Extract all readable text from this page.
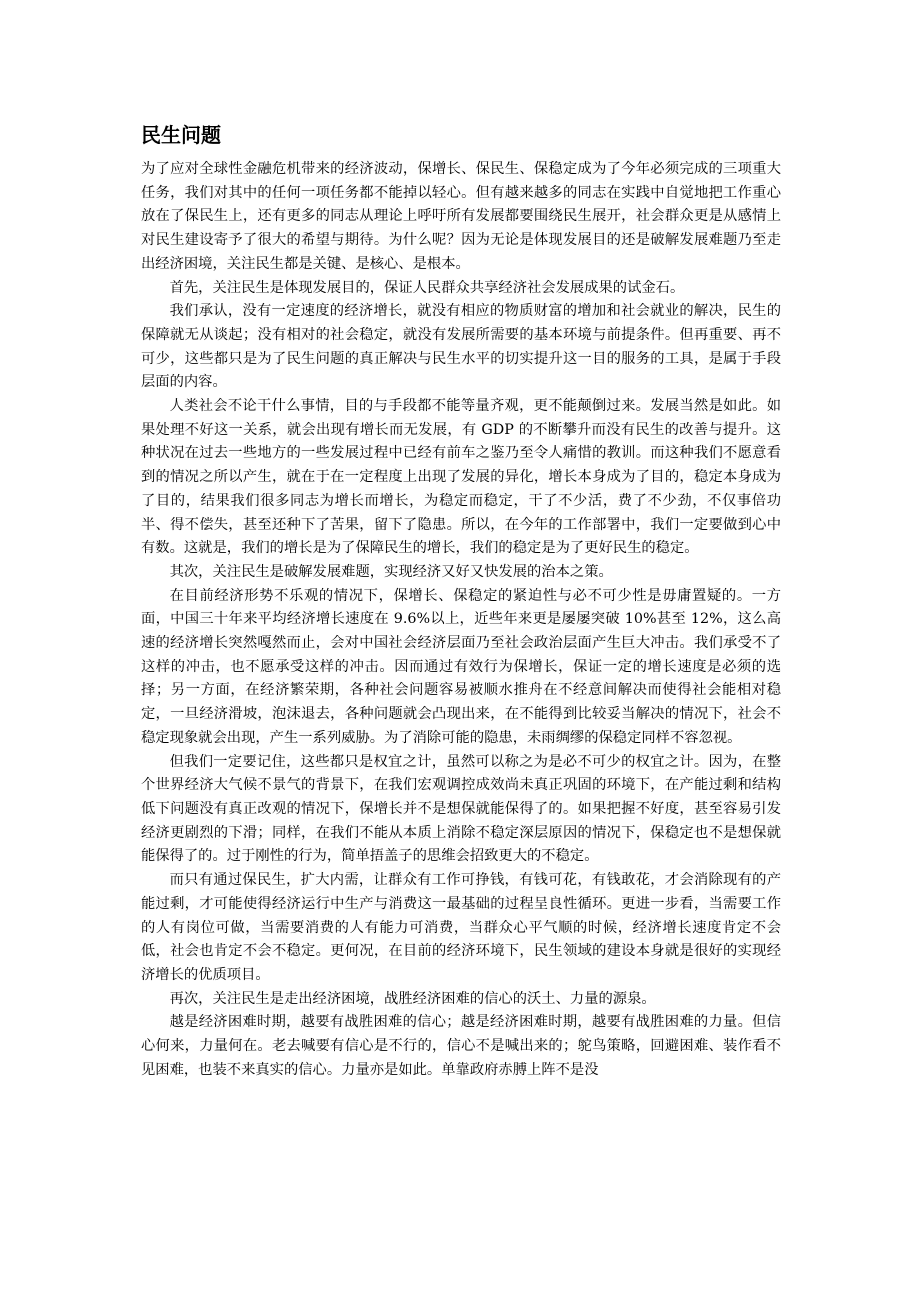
民生问题

为了应对全球性金融危机带来的经济波动，保增长、保民生、保稳定成为了今年必须完成的三项重大任务，我们对其中的任何一项任务都不能掉以轻心。但有越来越多的同志在实践中自觉地把工作重心放在了保民生上，还有更多的同志从理论上呼吁所有发展都要围绕民生展开，社会群众更是从感情上对民生建设寄予了很大的希望与期待。为什么呢？因为无论是体现发展目的还是破解发展难题乃至走出经济困境，关注民生都是关键、是核心、是根本。

首先，关注民生是体现发展目的，保证人民群众共享经济社会发展成果的试金石。

我们承认，没有一定速度的经济增长，就没有相应的物质财富的增加和社会就业的解决，民生的保障就无从谈起；没有相对的社会稳定，就没有发展所需要的基本环境与前提条件。但再重要、再不可少，这些都只是为了民生问题的真正解决与民生水平的切实提升这一目的服务的工具，是属于手段层面的内容。

人类社会不论干什么事情，目的与手段都不能等量齐观，更不能颠倒过来。发展当然是如此。如果处理不好这一关系，就会出现有增长而无发展，有 GDP 的不断攀升而没有民生的改善与提升。这种状况在过去一些地方的一些发展过程中已经有前车之鉴乃至令人痛惜的教训。而这种我们不愿意看到的情况之所以产生，就在于在一定程度上出现了发展的异化，增长本身成为了目的，稳定本身成为了目的，结果我们很多同志为增长而增长，为稳定而稳定，干了不少活，费了不少劲，不仅事倍功半、得不偿失，甚至还种下了苦果，留下了隐患。所以，在今年的工作部署中，我们一定要做到心中有数。这就是，我们的增长是为了保障民生的增长，我们的稳定是为了更好民生的稳定。

其次，关注民生是破解发展难题，实现经济又好又快发展的治本之策。

在目前经济形势不乐观的情况下，保增长、保稳定的紧迫性与必不可少性是毋庸置疑的。一方面，中国三十年来平均经济增长速度在 9.6%以上，近些年来更是屡屡突破 10%甚至 12%，这么高速的经济增长突然嘎然而止，会对中国社会经济层面乃至社会政治层面产生巨大冲击。我们承受不了这样的冲击，也不愿承受这样的冲击。因而通过有效行为保增长，保证一定的增长速度是必须的选择；另一方面，在经济繁荣期，各种社会问题容易被顺水推舟在不经意间解决而使得社会能相对稳定，一旦经济滑坡，泡沫退去，各种问题就会凸现出来，在不能得到比较妥当解决的情况下，社会不稳定现象就会出现，产生一系列威胁。为了消除可能的隐患，未雨绸缪的保稳定同样不容忽视。

但我们一定要记住，这些都只是权宜之计，虽然可以称之为是必不可少的权宜之计。因为，在整个世界经济大气候不景气的背景下，在我们宏观调控成效尚未真正巩固的环境下，在产能过剩和结构低下问题没有真正改观的情况下，保增长并不是想保就能保得了的。如果把握不好度，甚至容易引发经济更剧烈的下滑；同样，在我们不能从本质上消除不稳定深层原因的情况下，保稳定也不是想保就能保得了的。过于刚性的行为，简单捂盖子的思维会招致更大的不稳定。

而只有通过保民生，扩大内需，让群众有工作可挣钱，有钱可花，有钱敢花，才会消除现有的产能过剩，才可能使得经济运行中生产与消费这一最基础的过程呈良性循环。更进一步看，当需要工作的人有岗位可做，当需要消费的人有能力可消费，当群众心平气顺的时候，经济增长速度肯定不会低，社会也肯定不会不稳定。更何况，在目前的经济环境下，民生领域的建设本身就是很好的实现经济增长的优质项目。

再次，关注民生是走出经济困境，战胜经济困难的信心的沃土、力量的源泉。

越是经济困难时期，越要有战胜困难的信心；越是经济困难时期，越要有战胜困难的力量。但信心何来，力量何在。老去喊要有信心是不行的，信心不是喊出来的；鸵鸟策略，回避困难、装作看不见困难，也装不来真实的信心。力量亦是如此。单靠政府赤膊上阵不是没
